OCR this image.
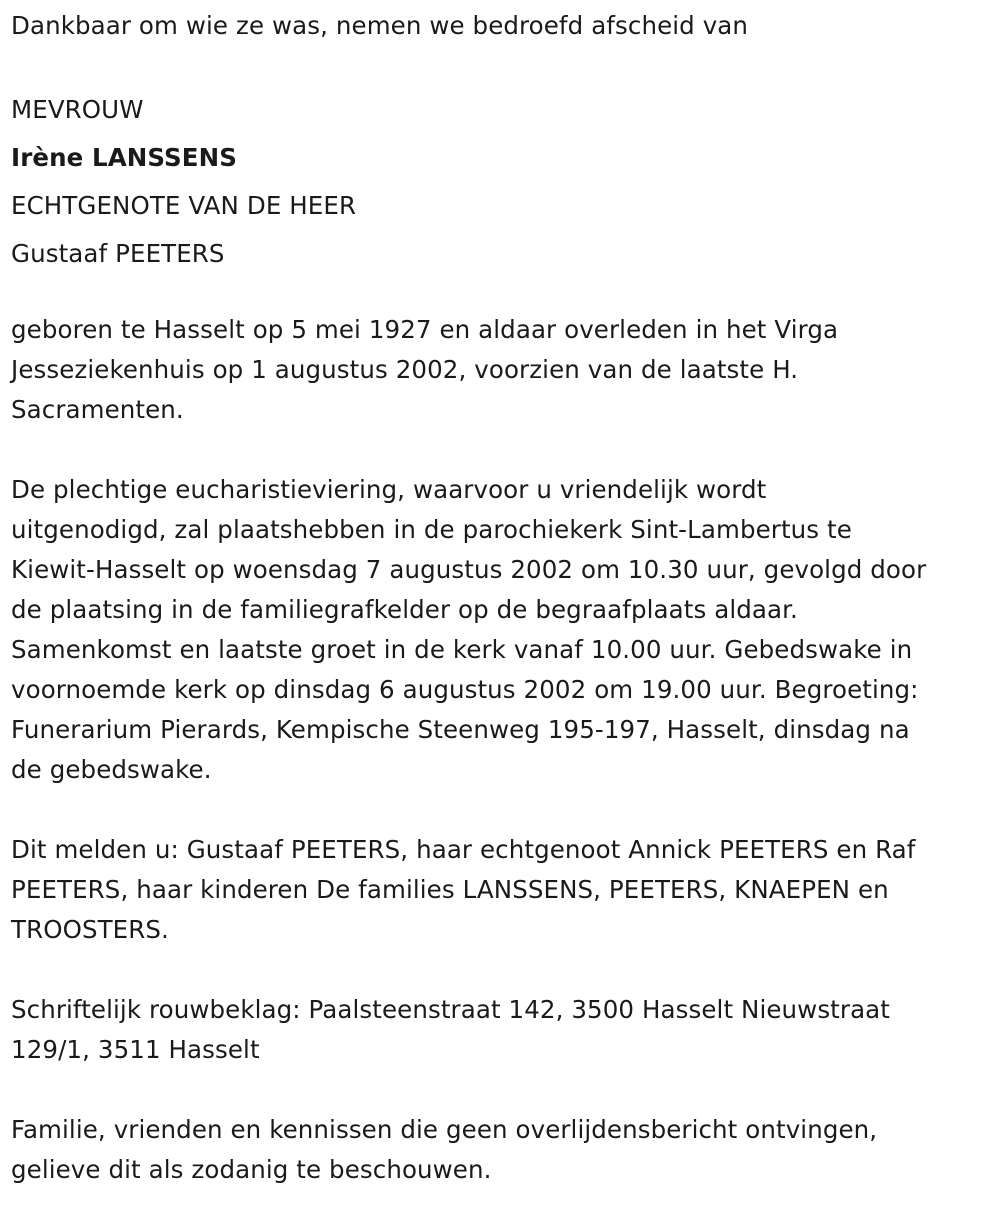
Dankbaar om wie ze was, nemen we bedroefd afscheid van

MEVROUW

Irène LANSSENS

ECHTGENOTE VAN DE HEER

Gustaaf PEETERS

geboren te Hasselt op 5 mei 1927 en aldaar overleden in het Virga

Jesseziekenhuis op 1 augustus 2002, voorzien van de laatste H.

Sacramenten.

De plechtige eucharistieviering, waarvoor u vriendelijk wordt

uitgenodigd, zal plaatshebben in de parochiekerk Sint-Lambertus te

Kiewit-Hasselt op woensdag 7 augustus 2002 om 10.30 uur, gevolgd door

de plaatsing in de familiegrafkelder op de begraafplaats aldaar.

Samenkomst en laatste groet in de kerk vanaf 10.00 uur. Gebedswake in

voornoemde kerk op dinsdag 6 augustus 2002 om 19.00 uur. Begroeting:

Funerarium Pierards, Kempische Steenweg 195-197, Hasselt, dinsdag na

de gebedswake.

Dit melden u: Gustaaf PEETERS, haar echtgenoot Annick PEETERS en Raf

PEETERS, haar kinderen De families LANSSENS, PEETERS, KNAEPEN en

TROOSTERS.

Schriftelijk rouwbeklag: Paalsteenstraat 142, 3500 Hasselt Nieuwstraat

129/1, 3511 Hasselt

Familie, vrienden en kennissen die geen overlijdensbericht ontvingen,

gelieve dit als zodanig te beschouwen.
